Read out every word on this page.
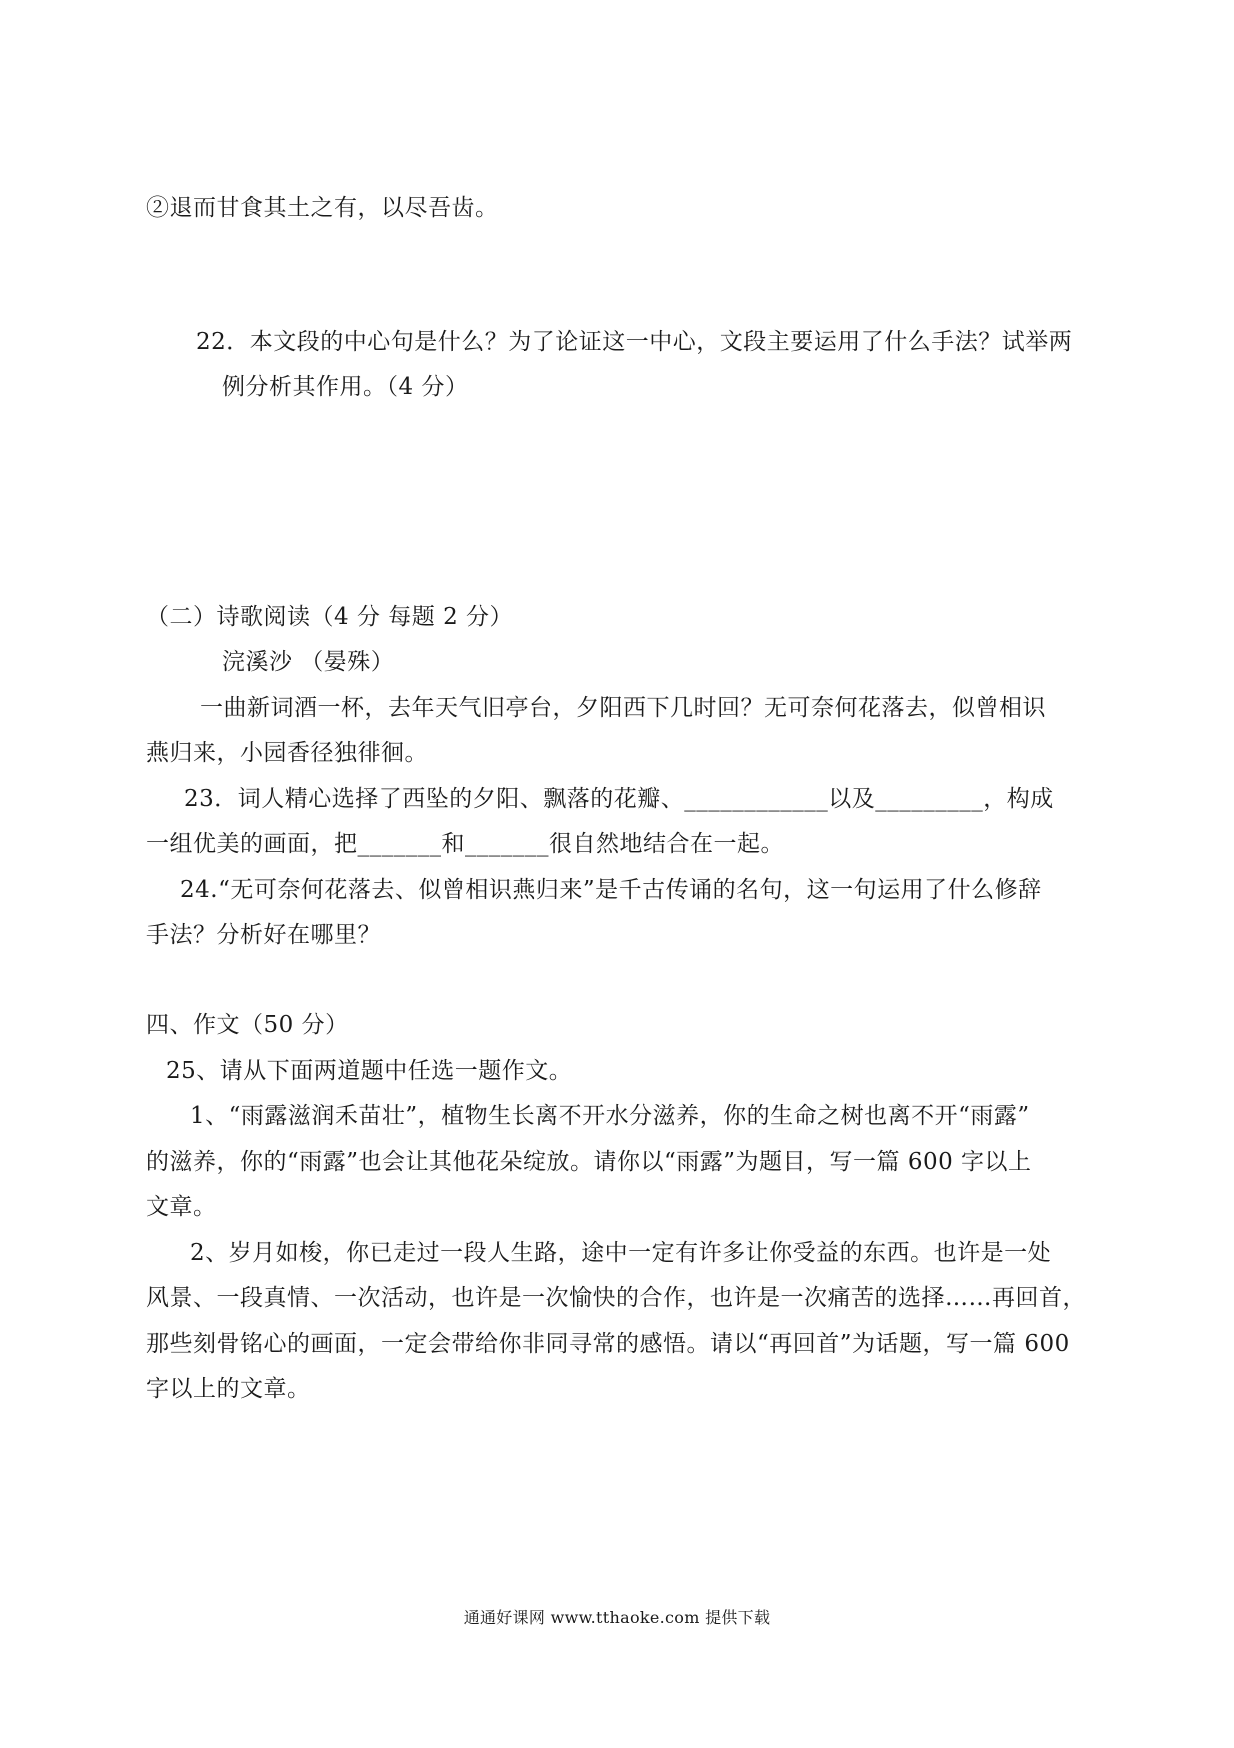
②退而甘食其土之有，以尽吾齿。
22．本文段的中心句是什么？为了论证这一中心，文段主要运用了什么手法？试举两
例分析其作用。（4 分）
（二）诗歌阅读（4 分 每题 2 分）
浣溪沙 （晏殊）
一曲新词酒一杯，去年天气旧亭台，夕阳西下几时回？无可奈何花落去，似曾相识
燕归来，小园香径独徘徊。
23．词人精心选择了西坠的夕阳、飘落的花瓣、____________以及_________，构成
一组优美的画面，把_______和_______很自然地结合在一起。
24.“无可奈何花落去、似曾相识燕归来”是千古传诵的名句，这一句运用了什么修辞
手法？分析好在哪里？
四、作文（50 分）
25、请从下面两道题中任选一题作文。
1、“雨露滋润禾苗壮”，植物生长离不开水分滋养，你的生命之树也离不开“雨露”
的滋养，你的“雨露”也会让其他花朵绽放。请你以“雨露”为题目，写一篇 600 字以上
文章。
2、岁月如梭，你已走过一段人生路，途中一定有许多让你受益的东西。也许是一处
风景、一段真情、一次活动，也许是一次愉快的合作，也许是一次痛苦的选择……再回首，
那些刻骨铭心的画面，一定会带给你非同寻常的感悟。请以“再回首”为话题，写一篇 600
字以上的文章。
通通好课网 www.tthaoke.com 提供下载
